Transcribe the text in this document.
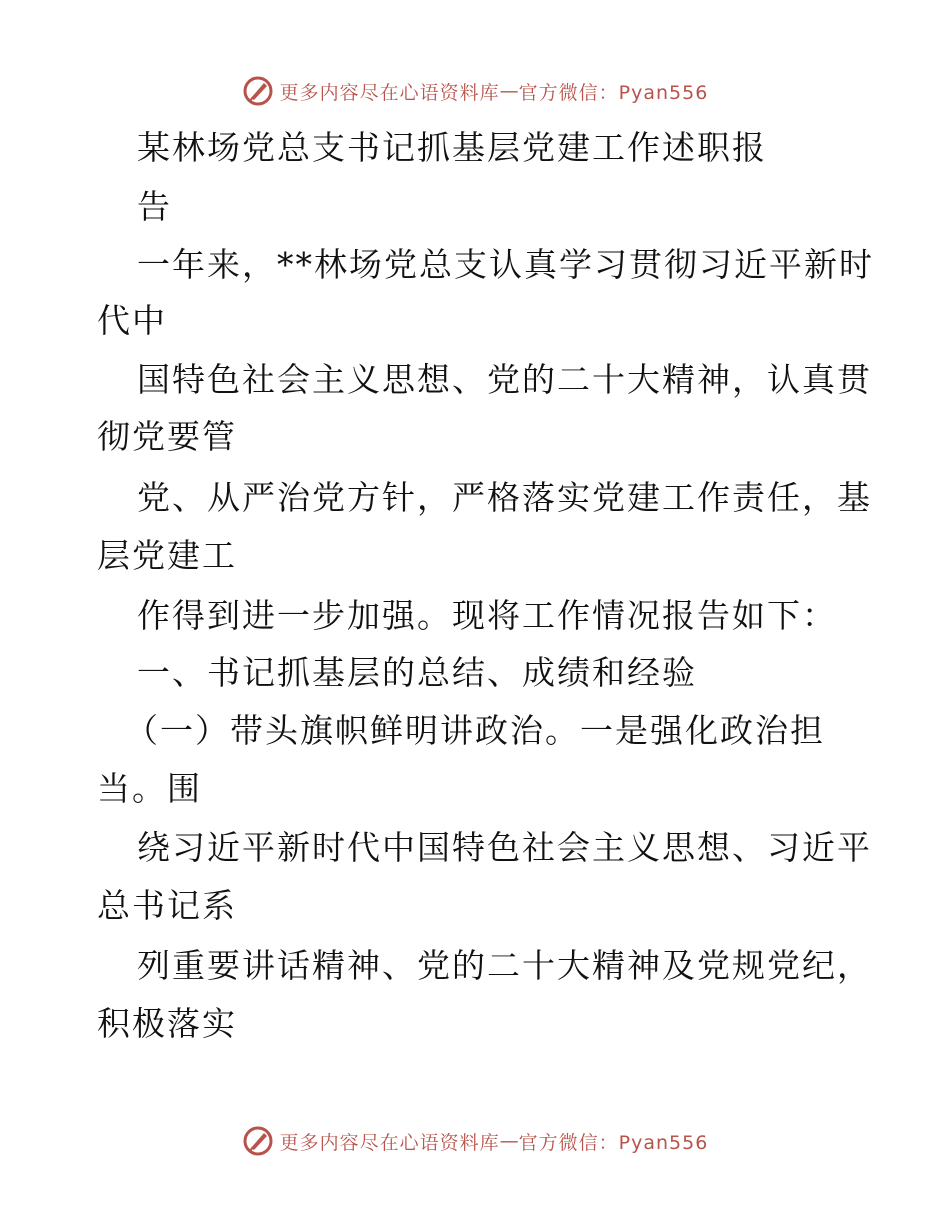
更多内容尽在心语资料库 — 官方微信：Pyan556
某林场党总支书记抓基层党建工作述职报
告
一年来，**林场党总支认真学习贯彻习近平新时
代中
国特色社会主义思想、党的二十大精神，认真贯
彻党要管
党、从严治党方针，严格落实党建工作责任，基
层党建工
作得到进一步加强。现将工作情况报告如下：
一、书记抓基层的总结、成绩和经验
（一）带头旗帜鲜明讲政治。一是强化政治担
当。围
绕习近平新时代中国特色社会主义思想、习近平
总书记系
列重要讲话精神、党的二十大精神及党规党纪，
积极落实
更多内容尽在心语资料库 — 官方微信：Pyan556
